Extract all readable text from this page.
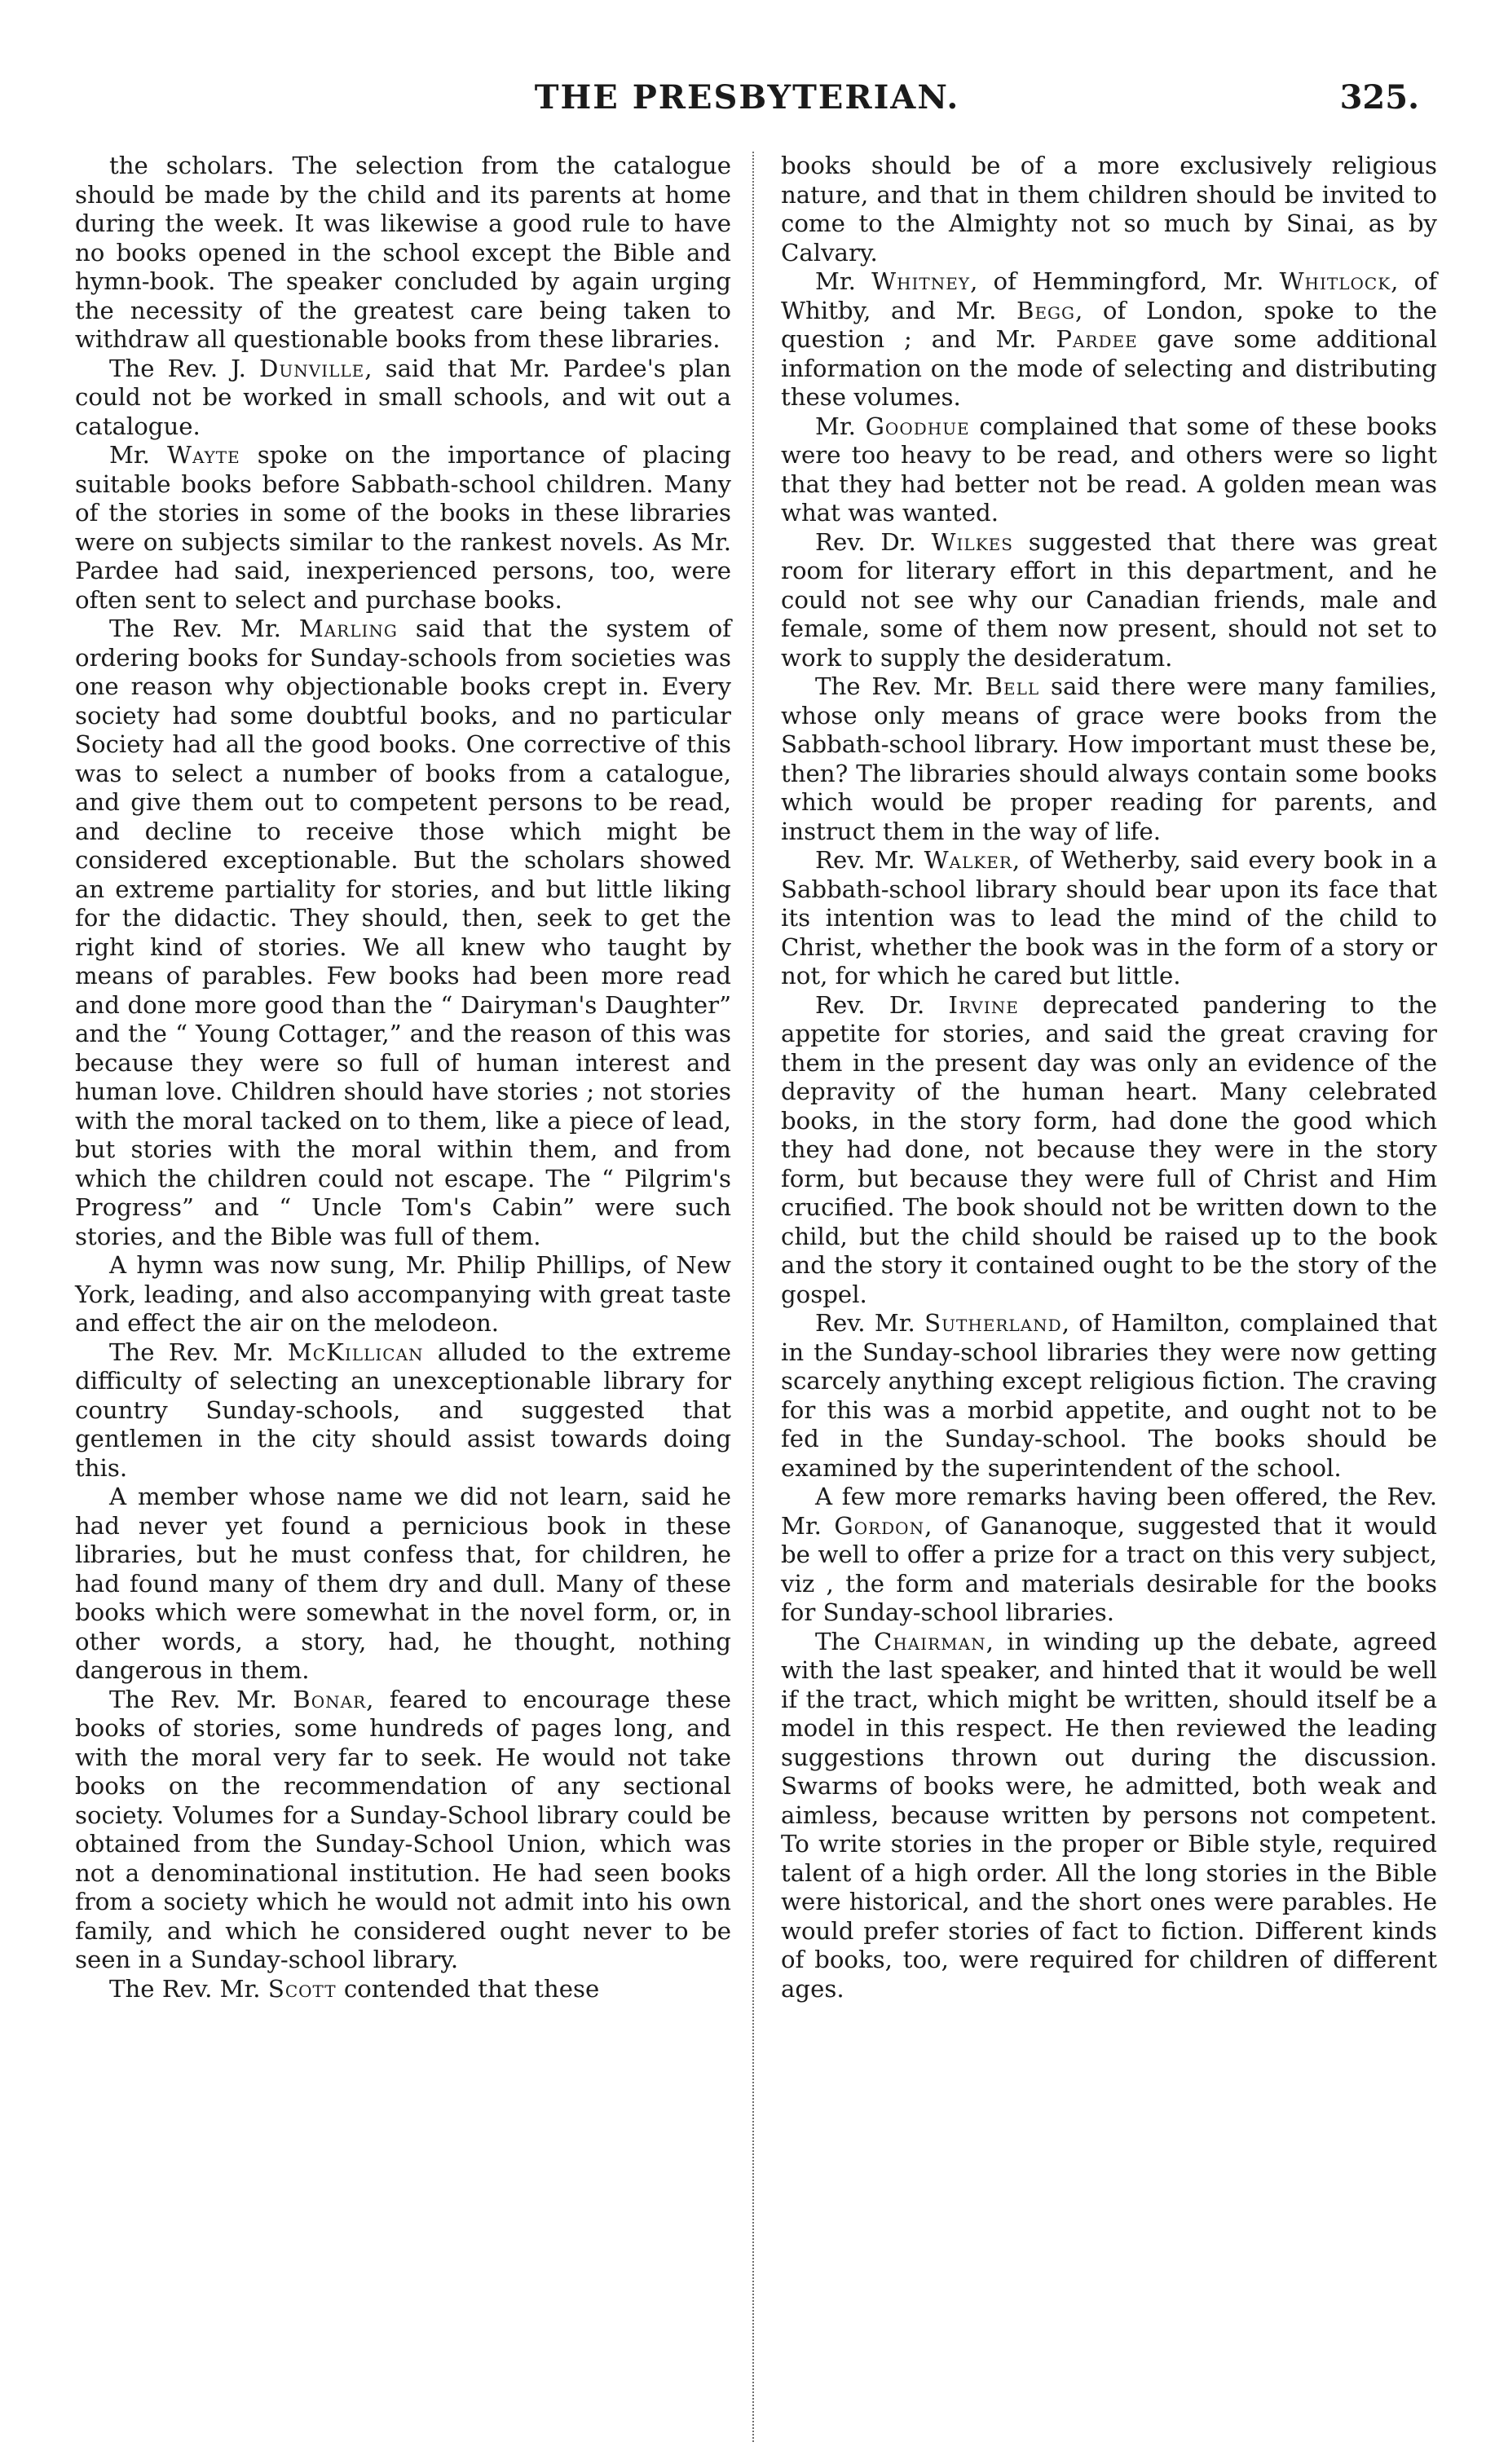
THE PRESBYTERIAN.	325.

the scholars. The selection from the catalogue should be made by the child and its parents at home during the week. It was likewise a good rule to have no books opened in the school except the Bible and hymn-book. The speaker concluded by again urging the necessity of the greatest care being taken to withdraw all questionable books from these libraries.

The Rev. J. Dunville, said that Mr. Pardee's plan could not be worked in small schools, and wit out a catalogue.

Mr. Wayte spoke on the importance of placing suitable books before Sabbath-school children. Many of the stories in some of the books in these libraries were on subjects similar to the rankest novels. As Mr. Pardee had said, inexperienced persons, too, were often sent to select and purchase books.

The Rev. Mr. Marling said that the system of ordering books for Sunday-schools from societies was one reason why objectionable books crept in. Every society had some doubtful books, and no particular Society had all the good books. One corrective of this was to select a number of books from a catalogue, and give them out to competent persons to be read, and decline to receive those which might be considered exceptionable. But the scholars showed an extreme partiality for stories, and but little liking for the didactic. They should, then, seek to get the right kind of stories. We all knew who taught by means of parables. Few books had been more read and done more good than the “ Dairyman's Daughter” and the “ Young Cottager,” and the reason of this was because they were so full of human interest and human love. Children should have stories ; not stories with the moral tacked on to them, like a piece of lead, but stories with the moral within them, and from which the children could not escape. The “ Pilgrim's Progress” and “ Uncle Tom's Cabin” were such stories, and the Bible was full of them.

A hymn was now sung, Mr. Philip Phillips, of New York, leading, and also accompanying with great taste and effect the air on the melodeon.

The Rev. Mr. McKillican alluded to the extreme difficulty of selecting an unexceptionable library for country Sunday-schools, and suggested that gentlemen in the city should assist towards doing this.

A member whose name we did not learn, said he had never yet found a pernicious book in these libraries, but he must confess that, for children, he had found many of them dry and dull. Many of these books which were somewhat in the novel form, or, in other words, a story, had, he thought, nothing dangerous in them.

The Rev. Mr. Bonar, feared to encourage these books of stories, some hundreds of pages long, and with the moral very far to seek. He would not take books on the recommendation of any sectional society. Volumes for a Sunday-School library could be obtained from the Sunday-School Union, which was not a denominational institution. He had seen books from a society which he would not admit into his own family, and which he considered ought never to be seen in a Sunday-school library.

The Rev. Mr. Scott contended that these

books should be of a more exclusively religious nature, and that in them children should be invited to come to the Almighty not so much by Sinai, as by Calvary.

Mr. Whitney, of Hemmingford, Mr. Whitlock, of Whitby, and Mr. Begg, of London, spoke to the question ; and Mr. Pardee gave some additional information on the mode of selecting and distributing these volumes.

Mr. Goodhue complained that some of these books were too heavy to be read, and others were so light that they had better not be read. A golden mean was what was wanted.

Rev. Dr. Wilkes suggested that there was great room for literary effort in this department, and he could not see why our Canadian friends, male and female, some of them now present, should not set to work to supply the desideratum.

The Rev. Mr. Bell said there were many families, whose only means of grace were books from the Sabbath-school library. How important must these be, then? The libraries should always contain some books which would be proper reading for parents, and instruct them in the way of life.

Rev. Mr. Walker, of Wetherby, said every book in a Sabbath-school library should bear upon its face that its intention was to lead the mind of the child to Christ, whether the book was in the form of a story or not, for which he cared but little.

Rev. Dr. Irvine deprecated pandering to the appetite for stories, and said the great craving for them in the present day was only an evidence of the depravity of the human heart. Many celebrated books, in the story form, had done the good which they had done, not because they were in the story form, but because they were full of Christ and Him crucified. The book should not be written down to the child, but the child should be raised up to the book and the story it contained ought to be the story of the gospel.

Rev. Mr. Sutherland, of Hamilton, complained that in the Sunday-school libraries they were now getting scarcely anything except religious fiction. The craving for this was a morbid appetite, and ought not to be fed in the Sunday-school. The books should be examined by the superintendent of the school.

A few more remarks having been offered, the Rev. Mr. Gordon, of Gananoque, suggested that it would be well to offer a prize for a tract on this very subject, viz , the form and materials desirable for the books for Sunday-school libraries.

The Chairman, in winding up the debate, agreed with the last speaker, and hinted that it would be well if the tract, which might be written, should itself be a model in this respect. He then reviewed the leading suggestions thrown out during the discussion. Swarms of books were, he admitted, both weak and aimless, because written by persons not competent. To write stories in the proper or Bible style, required talent of a high order. All the long stories in the Bible were historical, and the short ones were parables. He would prefer stories of fact to fiction. Different kinds of books, too, were required for children of different ages.
